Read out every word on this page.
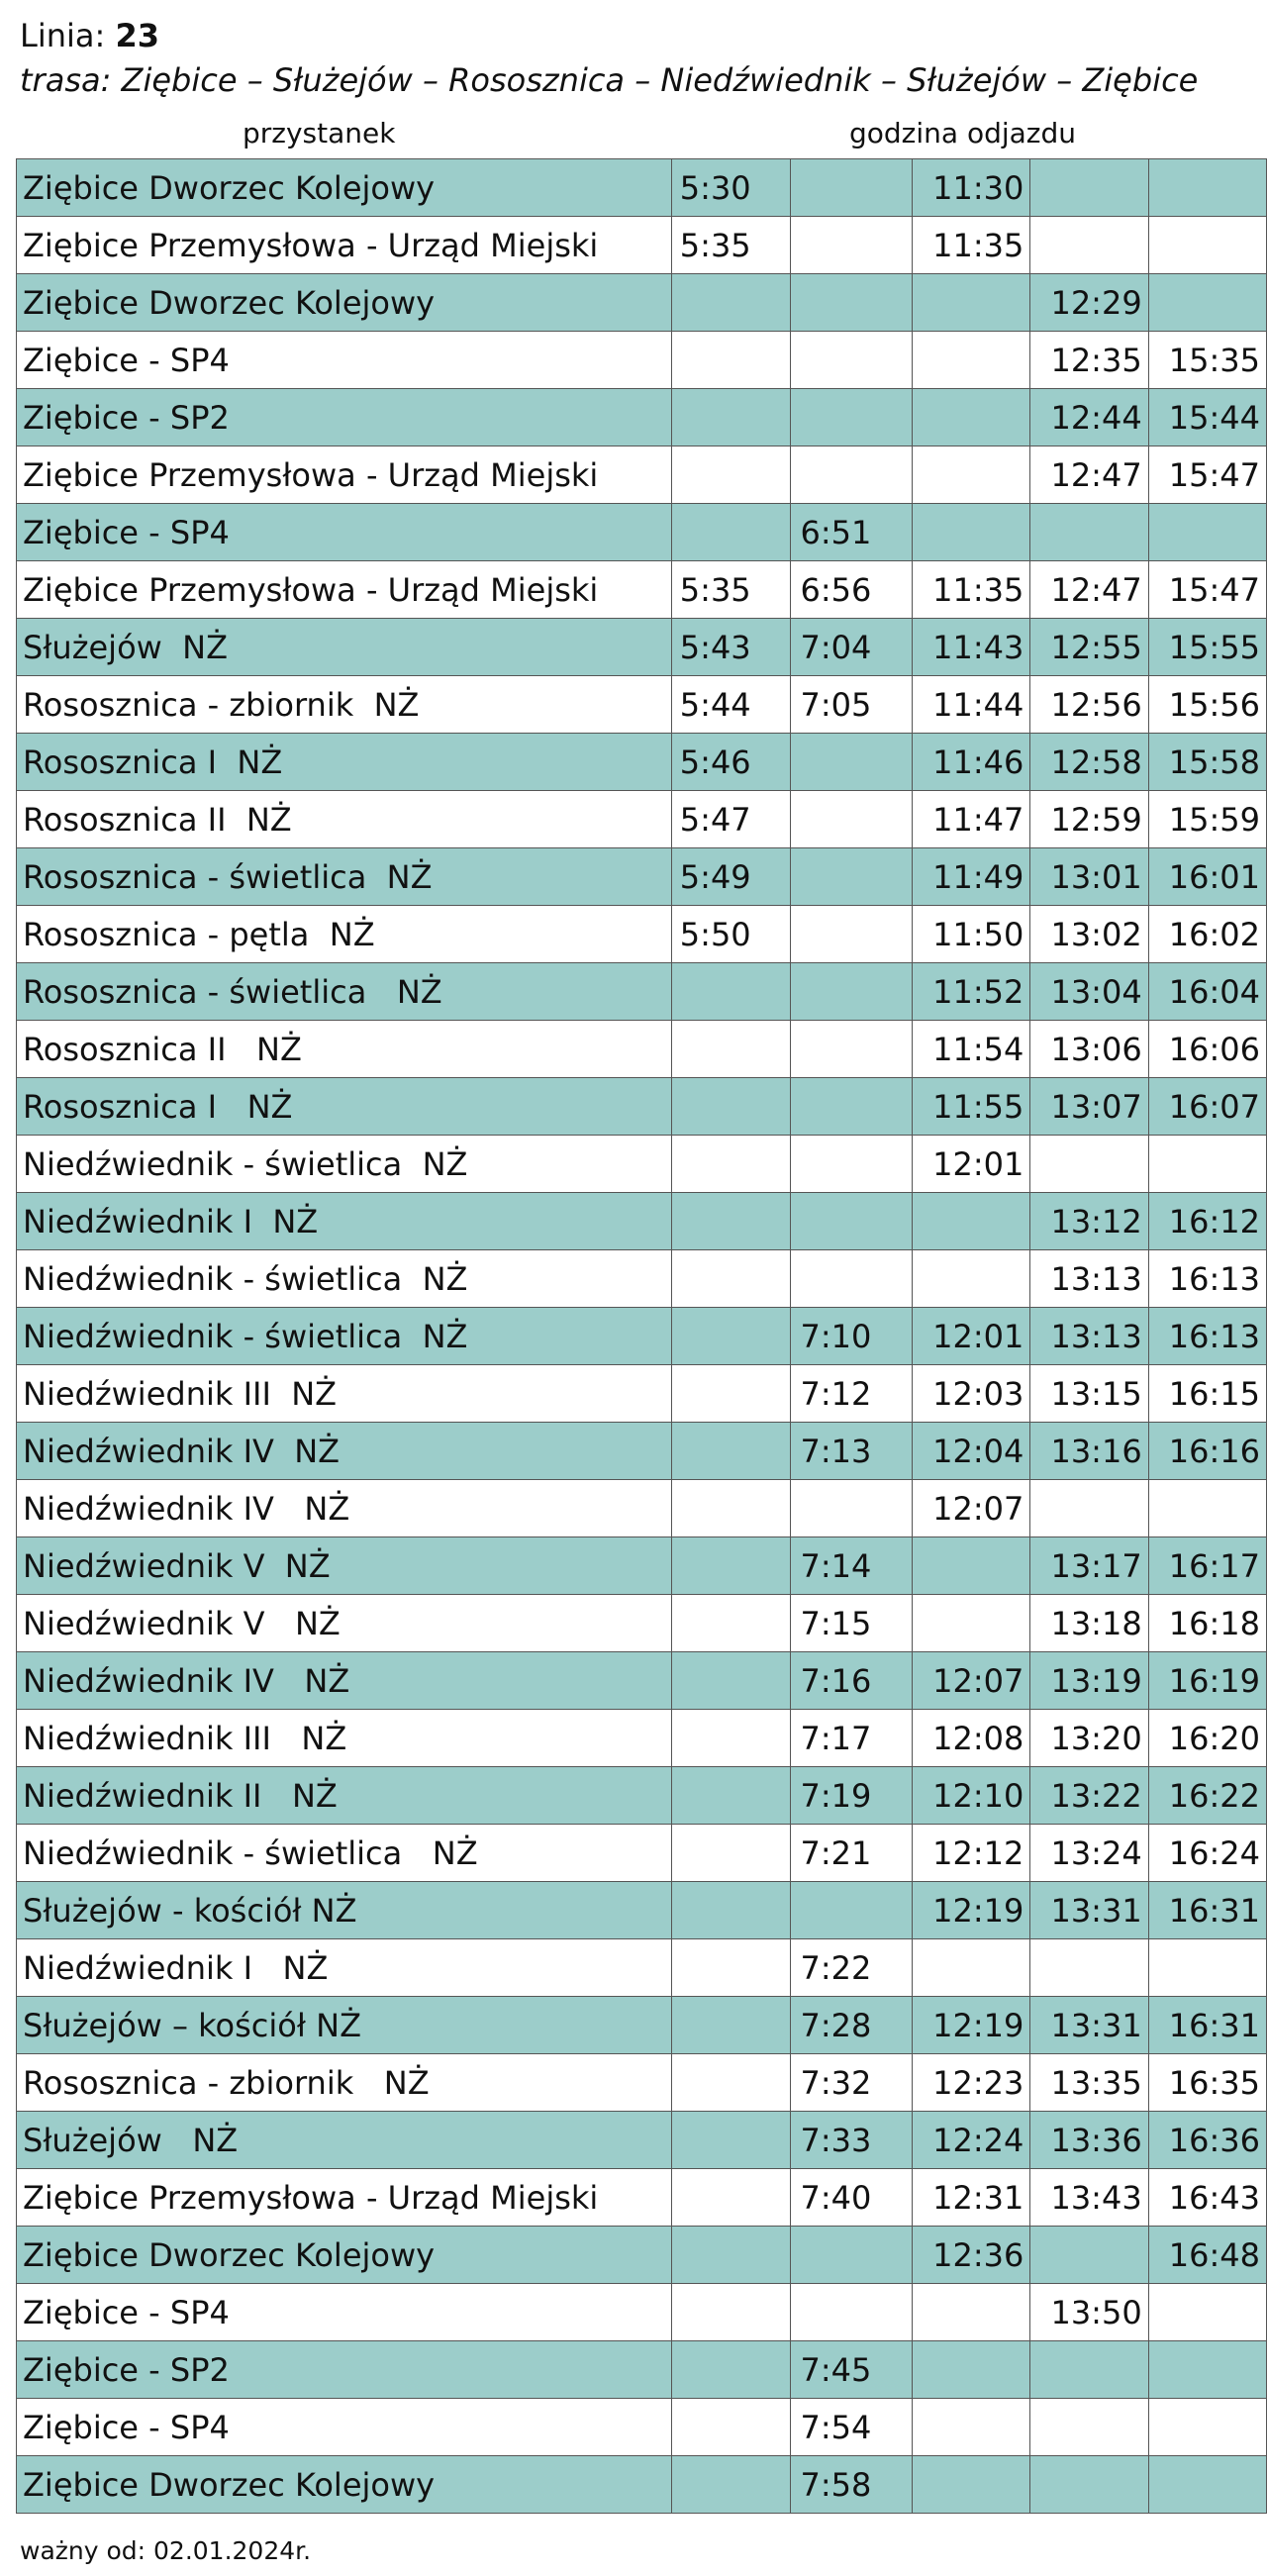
Linia: 23
trasa: Ziębice – Służejów – Rososznica – Niedźwiednik – Służejów – Ziębice
przystanek	godzina odjazdu
Ziębice Dworzec Kolejowy	5:30		11:30		
Ziębice Przemysłowa - Urząd Miejski	5:35		11:35		
Ziębice Dworzec Kolejowy				12:29	
Ziębice - SP4				12:35	15:35
Ziębice - SP2				12:44	15:44
Ziębice Przemysłowa - Urząd Miejski				12:47	15:47
Ziębice - SP4		6:51			
Ziębice Przemysłowa - Urząd Miejski	5:35	6:56	11:35	12:47	15:47
Służejów  NŻ	5:43	7:04	11:43	12:55	15:55
Rososznica - zbiornik  NŻ	5:44	7:05	11:44	12:56	15:56
Rososznica I  NŻ	5:46		11:46	12:58	15:58
Rososznica II  NŻ	5:47		11:47	12:59	15:59
Rososznica - świetlica  NŻ	5:49		11:49	13:01	16:01
Rososznica - pętla  NŻ	5:50		11:50	13:02	16:02
Rososznica - świetlica   NŻ			11:52	13:04	16:04
Rososznica II   NŻ			11:54	13:06	16:06
Rososznica I   NŻ			11:55	13:07	16:07
Niedźwiednik - świetlica  NŻ			12:01		
Niedźwiednik I  NŻ				13:12	16:12
Niedźwiednik - świetlica  NŻ				13:13	16:13
Niedźwiednik - świetlica  NŻ		7:10	12:01	13:13	16:13
Niedźwiednik III  NŻ		7:12	12:03	13:15	16:15
Niedźwiednik IV  NŻ		7:13	12:04	13:16	16:16
Niedźwiednik IV   NŻ			12:07		
Niedźwiednik V  NŻ		7:14		13:17	16:17
Niedźwiednik V   NŻ		7:15		13:18	16:18
Niedźwiednik IV   NŻ		7:16	12:07	13:19	16:19
Niedźwiednik III   NŻ		7:17	12:08	13:20	16:20
Niedźwiednik II   NŻ		7:19	12:10	13:22	16:22
Niedźwiednik - świetlica   NŻ		7:21	12:12	13:24	16:24
Służejów - kościół NŻ			12:19	13:31	16:31
Niedźwiednik I   NŻ		7:22			
Służejów – kościół NŻ		7:28	12:19	13:31	16:31
Rososznica - zbiornik   NŻ		7:32	12:23	13:35	16:35
Służejów   NŻ		7:33	12:24	13:36	16:36
Ziębice Przemysłowa - Urząd Miejski		7:40	12:31	13:43	16:43
Ziębice Dworzec Kolejowy			12:36		16:48
Ziębice - SP4				13:50	
Ziębice - SP2		7:45			
Ziębice - SP4		7:54			
Ziębice Dworzec Kolejowy		7:58			
ważny od: 02.01.2024r.
